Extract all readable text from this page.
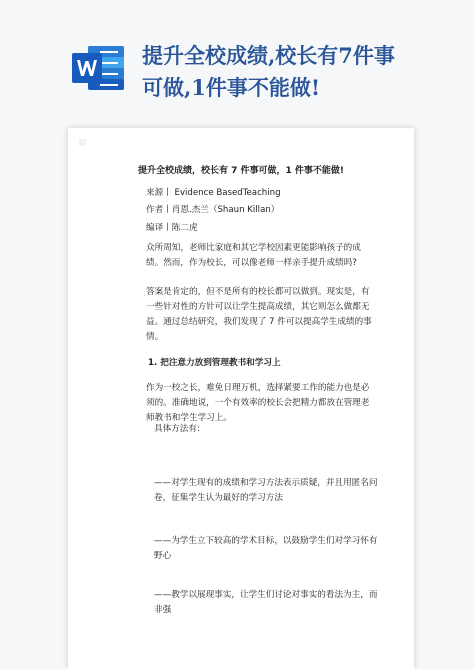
提升全校成绩,校长有7件事
可做,1件事不能做!
▦
提升全校成绩，校长有 7 件事可做，1 件事不能做!
来源丨 Evidence BasedTeaching
作者丨肖恩.杰兰（Shaun Killan）
编译丨陈二虎
众所周知，老师比家庭和其它学校因素更能影响孩子的成绩。然而，作为校长，可以像老师一样亲手提升成绩吗?
答案是肯定的，但不是所有的校长都可以做到。现实是，有一些针对性的方针可以让学生提高成绩，其它则怎么做都无益。通过总结研究，我们发现了 7 件可以提高学生成绩的事情。
1. 把注意力放到管理教书和学习上
作为一校之长，难免日理万机，选择紧要工作的能力也是必须的。准确地说，一个有效率的校长会把精力都放在管理老师教书和学生学习上。
具体方法有:
——对学生现有的成绩和学习方法表示质疑，并且用匿名问卷，征集学生认为最好的学习方法
——为学生立下较高的学术目标，以鼓励学生们对学习怀有野心
——教学以展现事实，让学生们讨论对事实的看法为主，而非强
